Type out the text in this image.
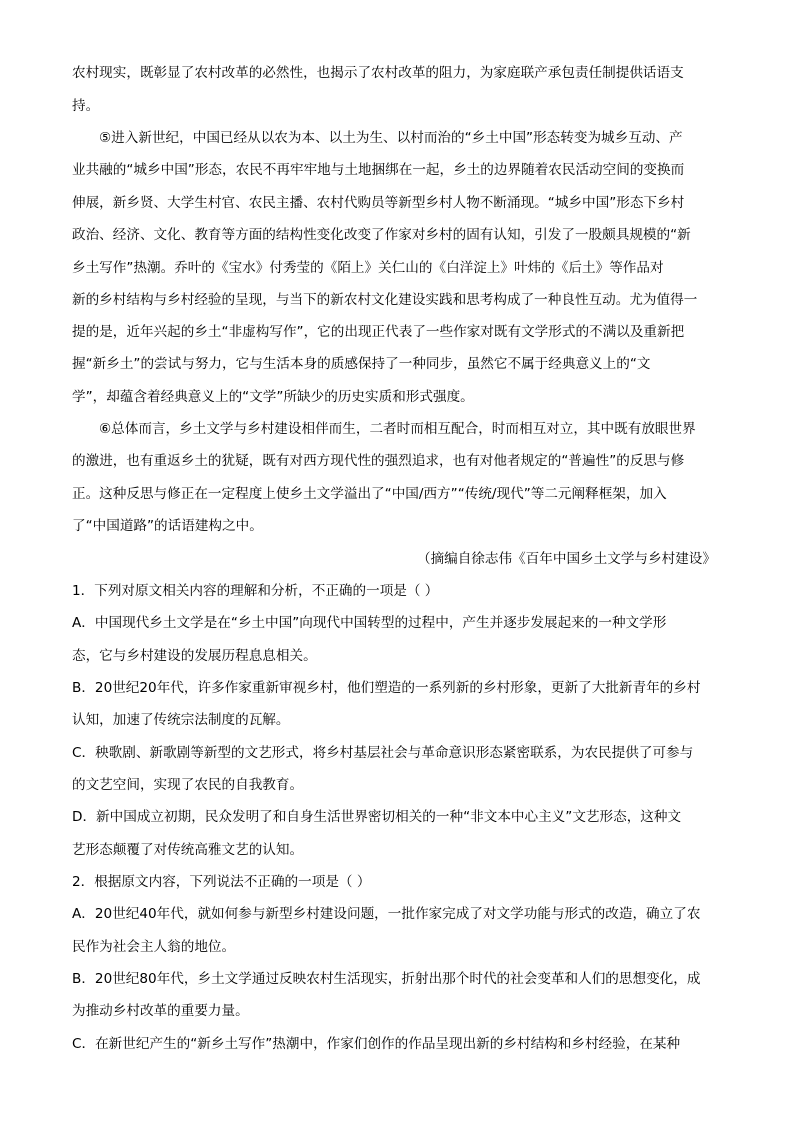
农村现实，既彰显了农村改革的必然性，也揭示了农村改革的阻力，为家庭联产承包责任制提供话语支
持。
⑤进入新世纪，中国已经从以农为本、以土为生、以村而治的“乡土中国”形态转变为城乡互动、产
业共融的“城乡中国”形态，农民不再牢牢地与土地捆绑在一起，乡土的边界随着农民活动空间的变换而
伸展，新乡贤、大学生村官、农民主播、农村代购员等新型乡村人物不断涌现。“城乡中国”形态下乡村
政治、经济、文化、教育等方面的结构性变化改变了作家对乡村的固有认知，引发了一股颇具规模的“新
乡土写作”热潮。乔叶的《宝水》付秀莹的《陌上》关仁山的《白洋淀上》叶炜的《后土》等作品对
新的乡村结构与乡村经验的呈现，与当下的新农村文化建设实践和思考构成了一种良性互动。尤为值得一
提的是，近年兴起的乡土“非虚构写作”，它的出现正代表了一些作家对既有文学形式的不满以及重新把
握“新乡土”的尝试与努力，它与生活本身的质感保持了一种同步，虽然它不属于经典意义上的“文
学”，却蕴含着经典意义上的“文学”所缺少的历史实质和形式强度。
⑥总体而言，乡土文学与乡村建设相伴而生，二者时而相互配合，时而相互对立，其中既有放眼世界
的激进，也有重返乡土的犹疑，既有对西方现代性的强烈追求，也有对他者规定的“普遍性”的反思与修
正。这种反思与修正在一定程度上使乡土文学溢出了“中国/西方”“传统/现代”等二元阐释框架，加入
了“中国道路”的话语建构之中。
（摘编自徐志伟《百年中国乡土文学与乡村建设》
1．下列对原文相关内容的理解和分析，不正确的一项是（ ）
A．中国现代乡土文学是在“乡土中国”向现代中国转型的过程中，产生并逐步发展起来的一种文学形
态，它与乡村建设的发展历程息息相关。
B．20世纪20年代，许多作家重新审视乡村，他们塑造的一系列新的乡村形象，更新了大批新青年的乡村
认知，加速了传统宗法制度的瓦解。
C．秧歌剧、新歌剧等新型的文艺形式，将乡村基层社会与革命意识形态紧密联系，为农民提供了可参与
的文艺空间，实现了农民的自我教育。
D．新中国成立初期，民众发明了和自身生活世界密切相关的一种“非文本中心主义”文艺形态，这种文
艺形态颠覆了对传统高雅文艺的认知。
2．根据原文内容，下列说法不正确的一项是（ ）
A．20世纪40年代，就如何参与新型乡村建设问题，一批作家完成了对文学功能与形式的改造，确立了农
民作为社会主人翁的地位。
B．20世纪80年代，乡土文学通过反映农村生活现实，折射出那个时代的社会变革和人们的思想变化，成
为推动乡村改革的重要力量。
C．在新世纪产生的“新乡土写作”热潮中，作家们创作的作品呈现出新的乡村结构和乡村经验，在某种
